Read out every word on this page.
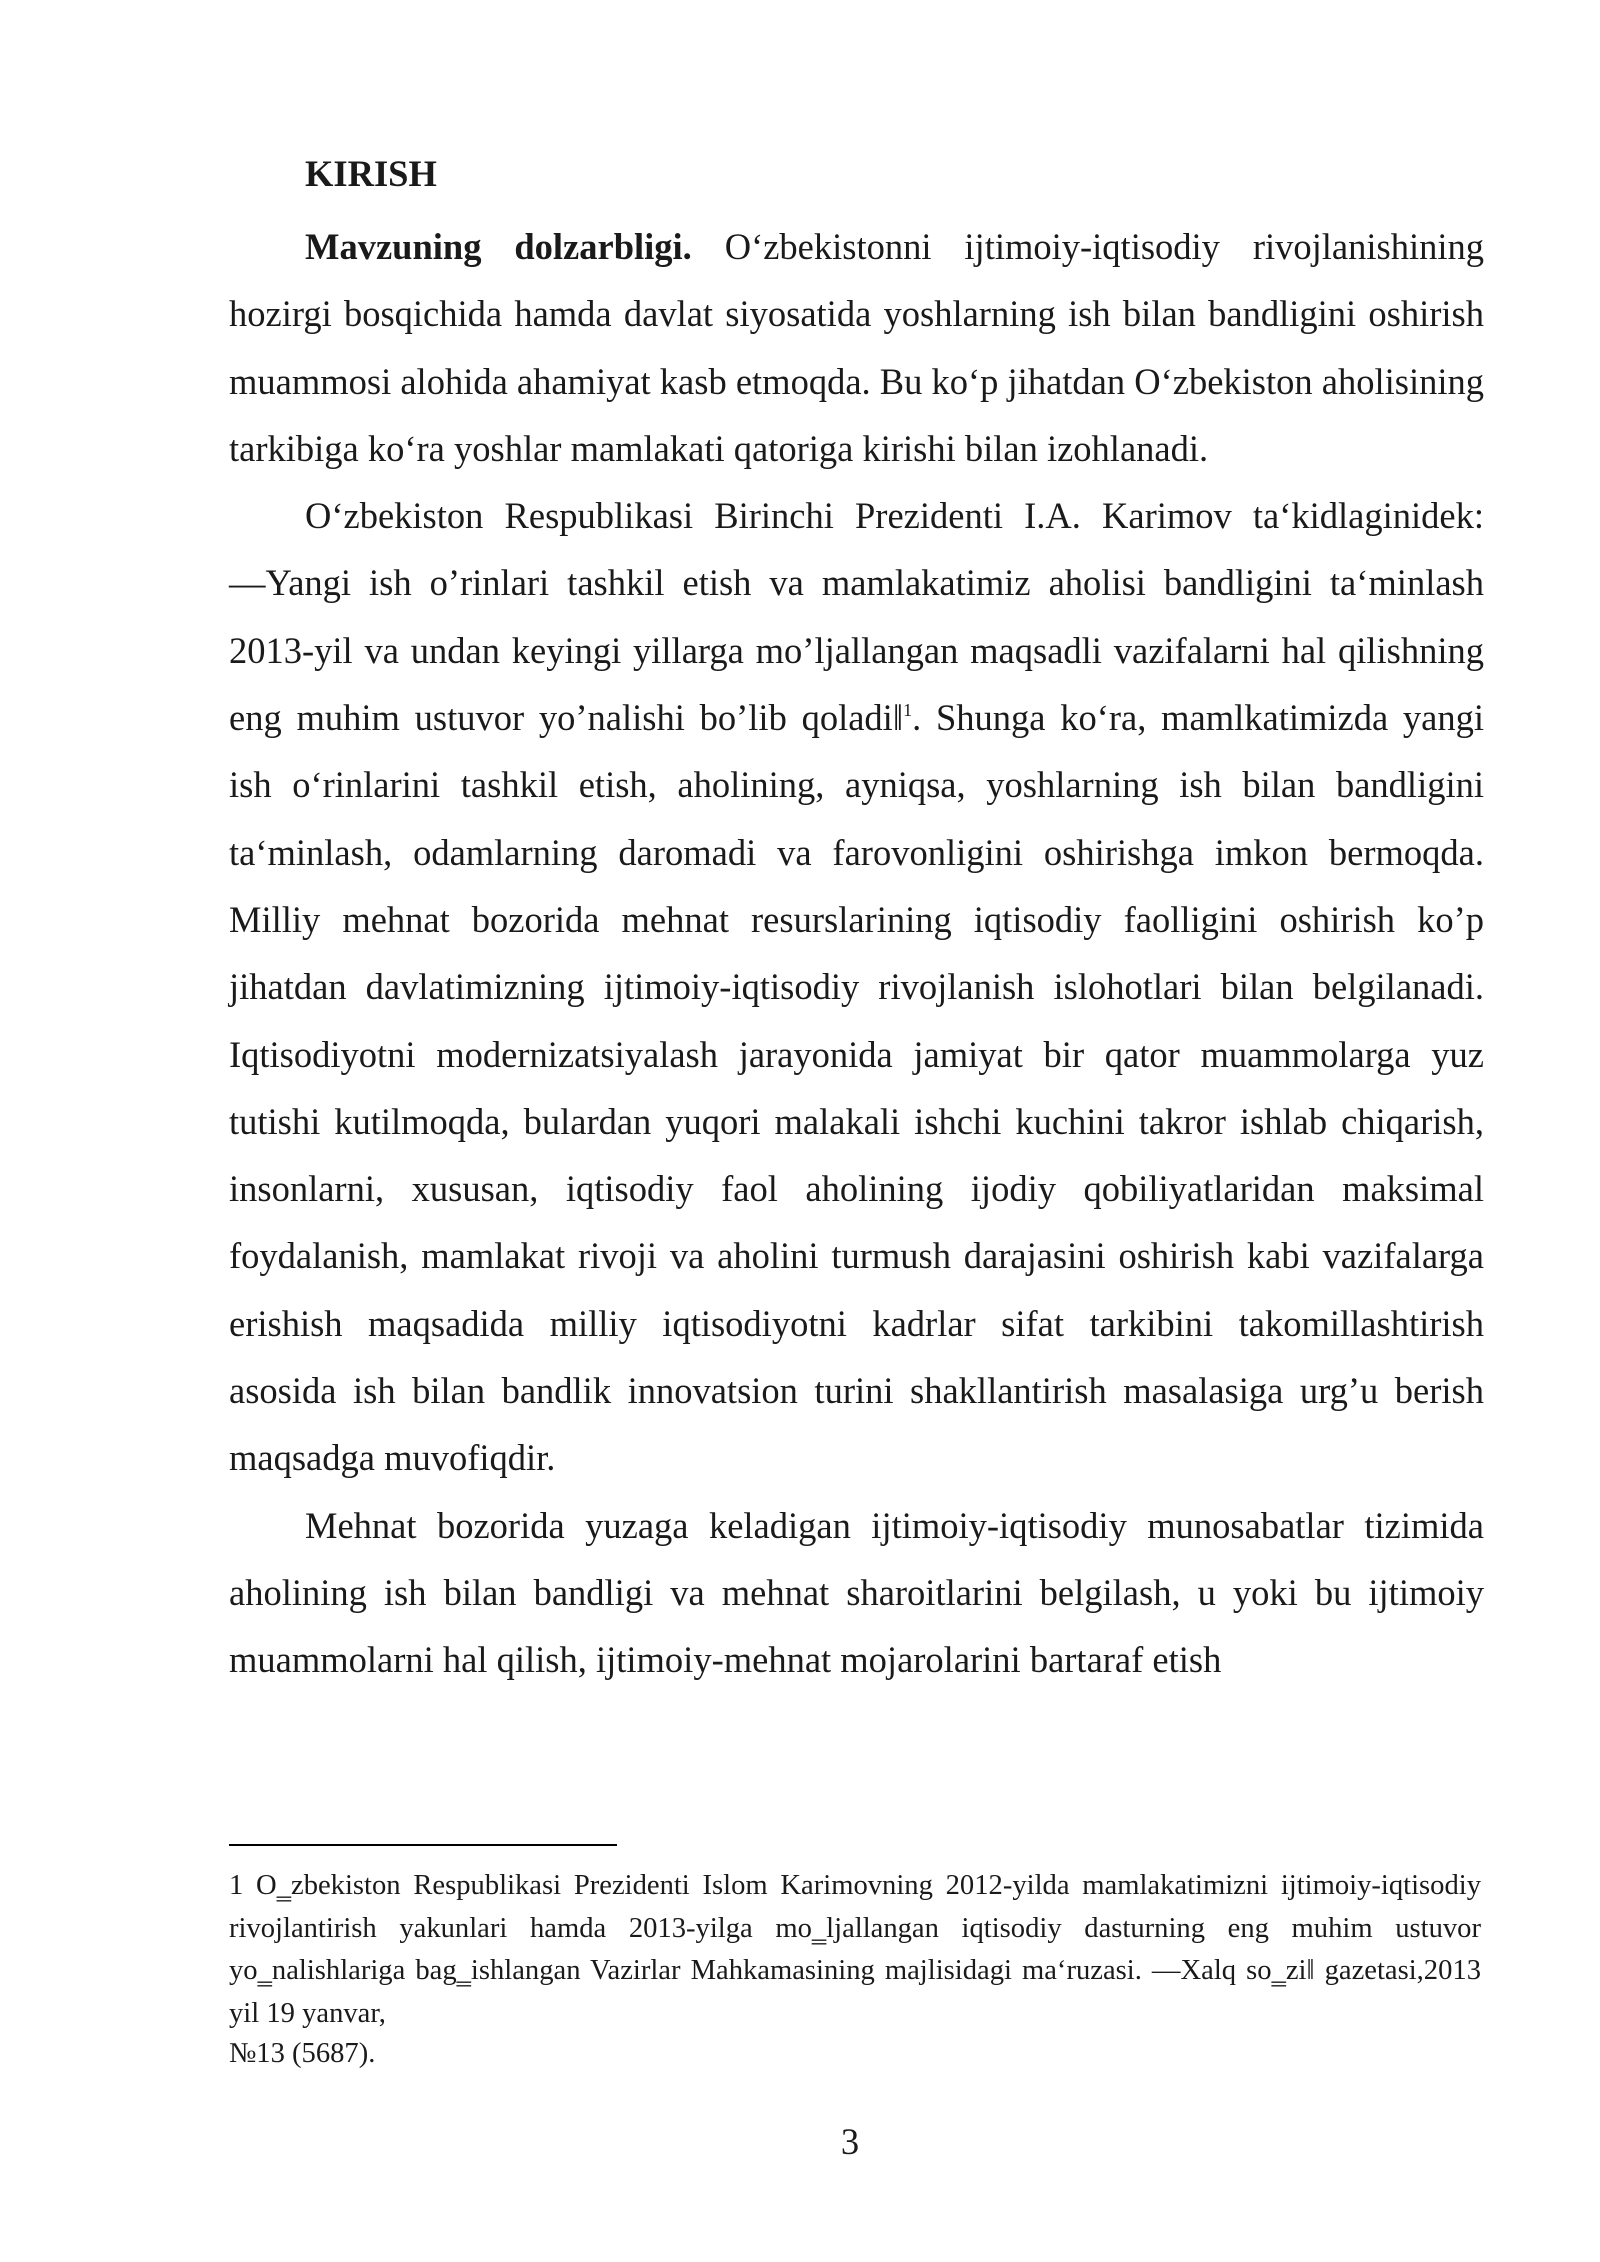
KIRISH

Mavzuning dolzarbligi. O‘zbekistonni ijtimoiy-iqtisodiy rivojlanishining hozirgi bosqichida hamda davlat siyosatida yoshlarning ish bilan bandligini oshirish muammosi alohida ahamiyat kasb etmoqda. Bu ko‘p jihatdan O‘zbekiston aholisining tarkibiga ko‘ra yoshlar mamlakati qatoriga kirishi bilan izohlanadi.

O‘zbekiston Respublikasi Birinchi Prezidenti I.A. Karimov ta‘kidlaginidek: ―Yangi ish o’rinlari tashkil etish va mamlakatimiz aholisi bandligini ta‘minlash 2013-yil va undan keyingi yillarga mo’ljallangan maqsadli vazifalarni hal qilishning eng muhim ustuvor yo’nalishi bo’lib qoladi‖$^1$. Shunga ko‘ra, mamlkatimizda yangi ish o‘rinlarini tashkil etish, aholining, ayniqsa, yoshlarning ish bilan bandligini ta‘minlash, odamlarning daromadi va farovonligini oshirishga imkon bermoqda. Milliy mehnat bozorida mehnat resurslarining iqtisodiy faolligini oshirish ko’p jihatdan davlatimizning ijtimoiy-iqtisodiy rivojlanish islohotlari bilan belgilanadi. Iqtisodiyotni modernizatsiyalash jarayonida jamiyat bir qator muammolarga yuz tutishi kutilmoqda, bulardan yuqori malakali ishchi kuchini takror ishlab chiqarish, insonlarni, xususan, iqtisodiy faol aholining ijodiy qobiliyatlaridan maksimal foydalanish, mamlakat rivoji va aholini turmush darajasini oshirish kabi vazifalarga erishish maqsadida milliy iqtisodiyotni kadrlar sifat tarkibini takomillashtirish asosida ish bilan bandlik innovatsion turini shakllantirish masalasiga urg’u berish maqsadga muvofiqdir.

Mehnat bozorida yuzaga keladigan ijtimoiy-iqtisodiy munosabatlar tizimida aholining ish bilan bandligi va mehnat sharoitlarini belgilash, u yoki bu ijtimoiy muammolarni hal qilish, ijtimoiy-mehnat mojarolarini bartaraf etish

1 O‗zbekiston Respublikasi Prezidenti Islom Karimovning 2012-yilda mamlakatimizni ijtimoiy-iqtisodiy rivojlantirish yakunlari hamda 2013-yilga mo‗ljallangan iqtisodiy dasturning eng muhim ustuvor yo‗nalishlariga bag‗ishlangan Vazirlar Mahkamasining majlisidagi ma‘ruzasi. ―Xalq so‗zi‖ gazetasi,2013 yil 19 yanvar,

№13 (5687).

3
